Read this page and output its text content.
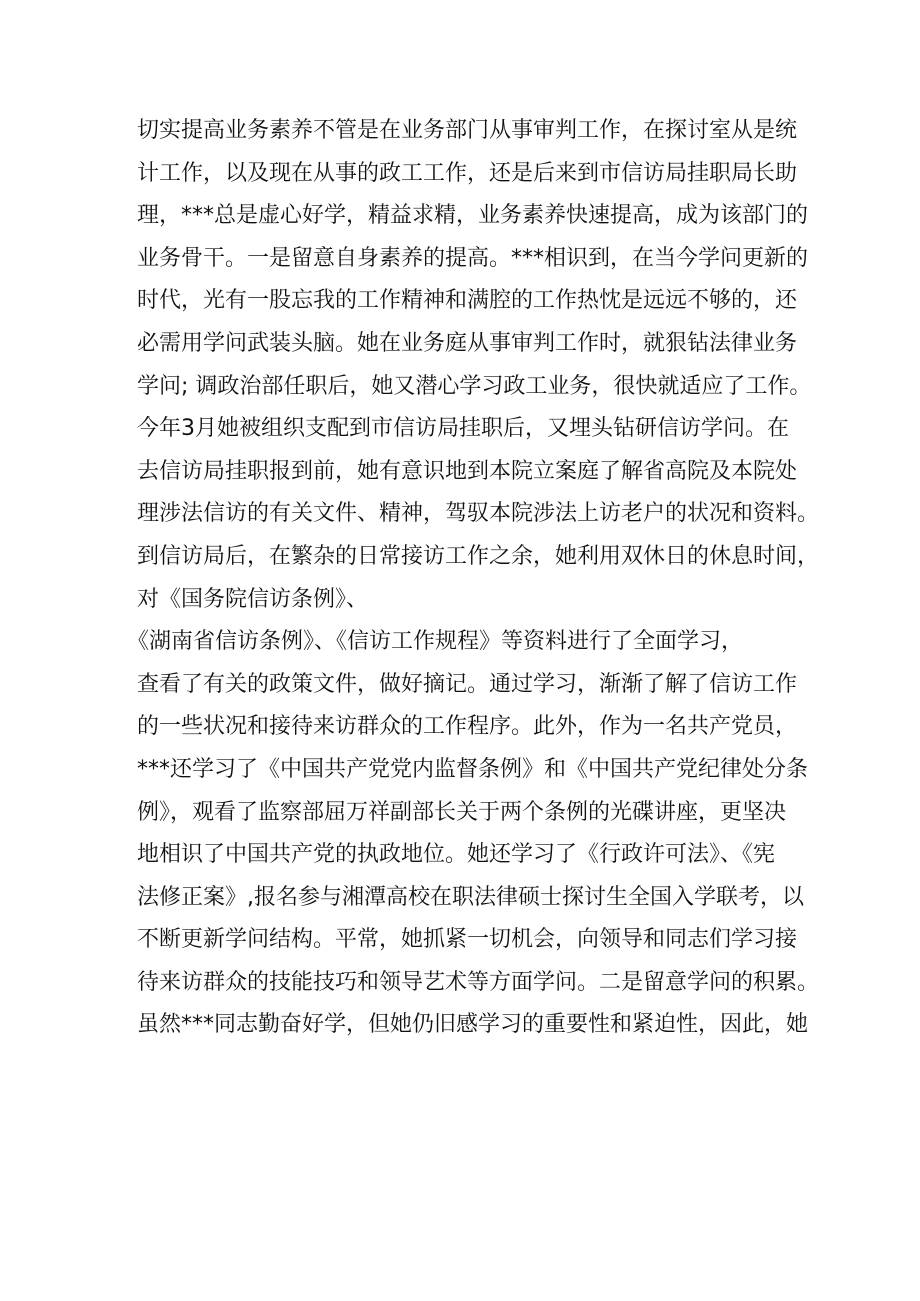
切实提高业务素养不管是在业务部门从事审判工作，在探讨室从是统
计工作，以及现在从事的政工工作，还是后来到市信访局挂职局长助
理，***总是虚心好学，精益求精，业务素养快速提高，成为该部门的
业务骨干。一是留意自身素养的提高。***相识到，在当今学问更新的
时代，光有一股忘我的工作精神和满腔的工作热忱是远远不够的，还
必需用学问武装头脑。她在业务庭从事审判工作时，就狠钻法律业务
学问; 调政治部任职后，她又潜心学习政工业务，很快就适应了工作。
今年3月她被组织支配到市信访局挂职后，又埋头钻研信访学问。在
去信访局挂职报到前，她有意识地到本院立案庭了解省高院及本院处
理涉法信访的有关文件、精神，驾驭本院涉法上访老户的状况和资料。
到信访局后，在繁杂的日常接访工作之余，她利用双休日的休息时间，
对《国务院信访条例》、
《湖南省信访条例》、《信访工作规程》等资料进行了全面学习，
查看了有关的政策文件，做好摘记。通过学习，渐渐了解了信访工作
的一些状况和接待来访群众的工作程序。此外，作为一名共产党员，
***还学习了《中国共产党党内监督条例》和《中国共产党纪律处分条
例》，观看了监察部屈万祥副部长关于两个条例的光碟讲座，更坚决
地相识了中国共产党的执政地位。她还学习了《行政许可法》、《宪
法修正案》,报名参与湘潭高校在职法律硕士探讨生全国入学联考，以
不断更新学问结构。平常，她抓紧一切机会，向领导和同志们学习接
待来访群众的技能技巧和领导艺术等方面学问。二是留意学问的积累。
虽然***同志勤奋好学，但她仍旧感学习的重要性和紧迫性，因此，她
